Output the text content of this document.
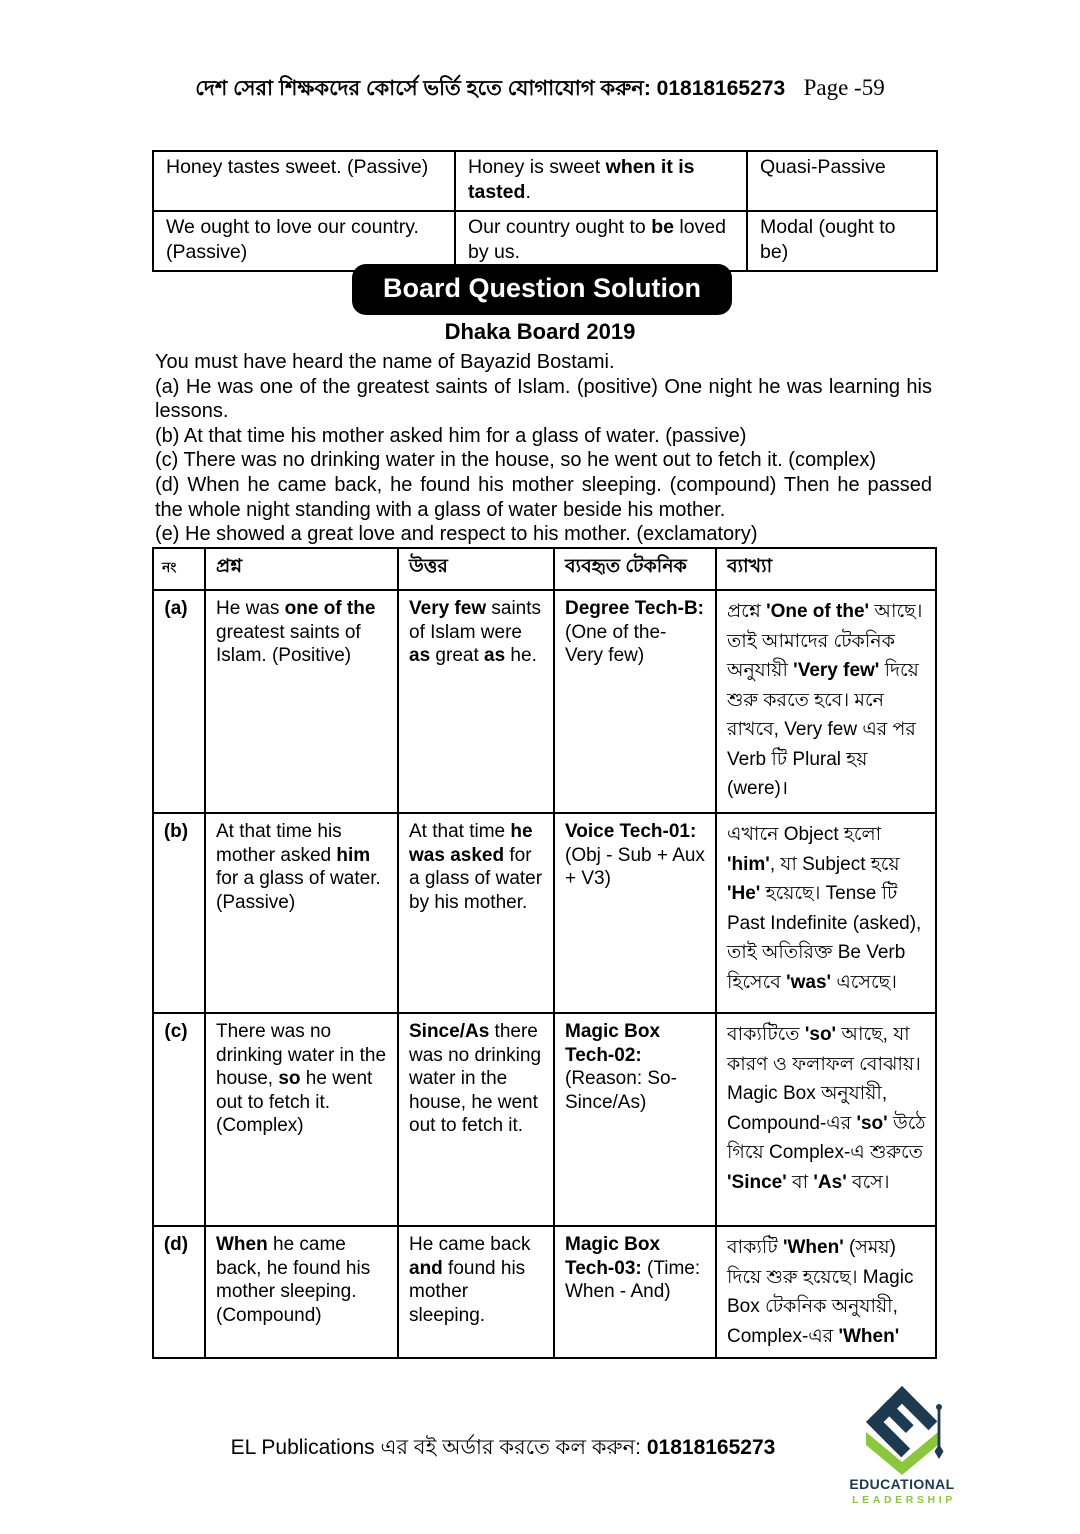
দেশ সেরা শিক্ষকদের কোর্সে ভর্তি হতে যোগাযোগ করুন: 01818165273 Page -59
Honey tastes sweet. (Passive)	Honey is sweet when it is tasted.	Quasi-Passive
We ought to love our country. (Passive)	Our country ought to be loved by us.	Modal (ought to be)
Board Question Solution
Dhaka Board 2019

You must have heard the name of Bayazid Bostami.

(a) He was one of the greatest saints of Islam. (positive) One night he was learning his lessons.

(b) At that time his mother asked him for a glass of water. (passive)

(c) There was no drinking water in the house, so he went out to fetch it. (complex)

(d) When he came back, he found his mother sleeping. (compound) Then he passed the whole night standing with a glass of water beside his mother.

(e) He showed a great love and respect to his mother. (exclamatory)

নং	প্রশ্ন	উত্তর	ব্যবহৃত টেকনিক	ব্যাখ্যা
(a)	He was one of the greatest saints of Islam. (Positive)	Very few saints of Islam were as great as he.	Degree Tech-B: (One of the- Very few)	প্রশ্নে 'One of the' আছে। তাই আমাদের টেকনিক অনুযায়ী 'Very few' দিয়ে শুরু করতে হবে। মনে রাখবে, Very few এর পর Verb টি Plural হয় (were)।
(b)	At that time his mother asked him for a glass of water. (Passive)	At that time he was asked for a glass of water by his mother.	Voice Tech-01: (Obj - Sub + Aux + V3)	এখানে Object হলো 'him', যা Subject হয়ে 'He' হয়েছে। Tense টি Past Indefinite (asked), তাই অতিরিক্ত Be Verb হিসেবে 'was' এসেছে।
(c)	There was no drinking water in the house, so he went out to fetch it. (Complex)	Since/As there was no drinking water in the house, he went out to fetch it.	Magic Box Tech-02: (Reason: So- Since/As)	বাক্যটিতে 'so' আছে, যা কারণ ও ফলাফল বোঝায়। Magic Box অনুযায়ী, Compound-এর 'so' উঠে গিয়ে Complex-এ শুরুতে 'Since' বা 'As' বসে।
(d)	When he came back, he found his mother sleeping. (Compound)	He came back and found his mother sleeping.	Magic Box Tech-03: (Time: When - And)	বাক্যটি 'When' (সময়) দিয়ে শুরু হয়েছে। Magic Box টেকনিক অনুযায়ী, Complex-এর 'When'
EL Publications এর বই অর্ডার করতে কল করুন: 01818165273
EDUCATIONAL
LEADERSHIP
